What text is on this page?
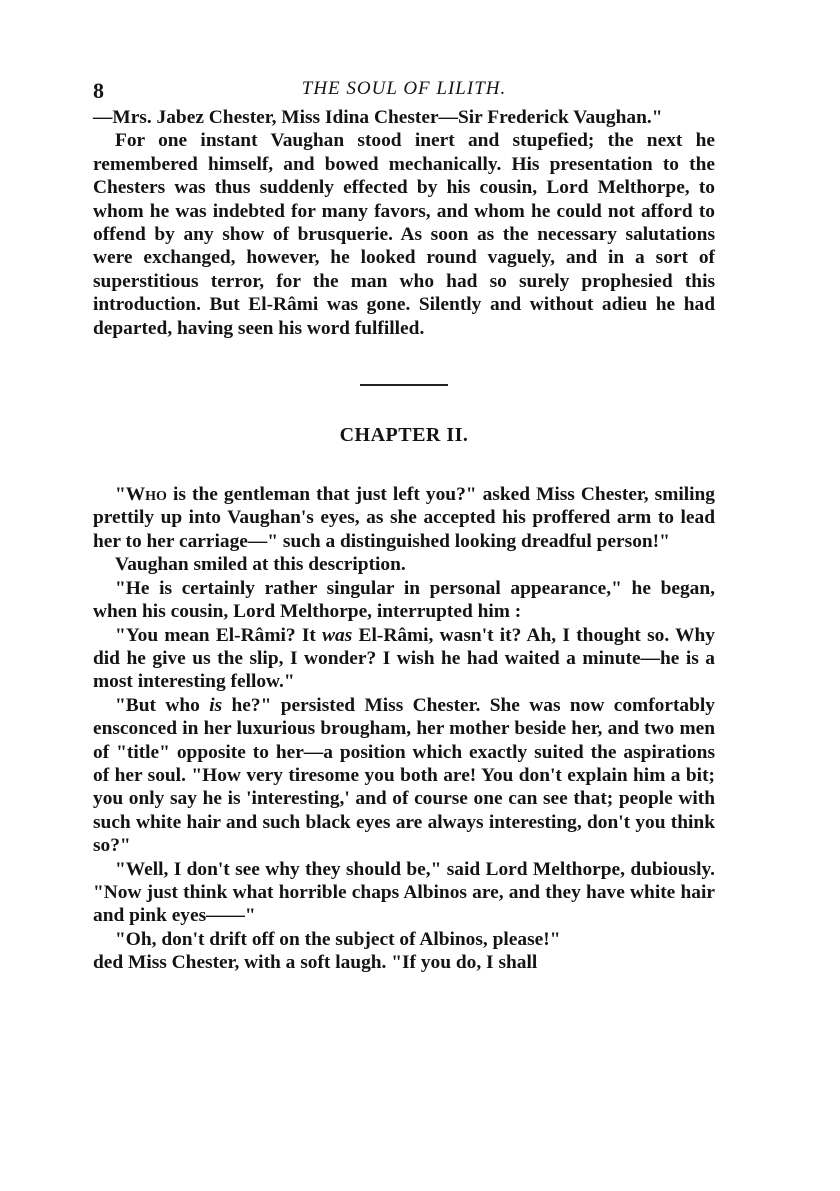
8	THE SOUL OF LILITH.

—Mrs. Jabez Chester, Miss Idina Chester—Sir Frederick Vaughan."

For one instant Vaughan stood inert and stupefied; the next he remembered himself, and bowed mechanically. His presentation to the Chesters was thus suddenly effected by his cousin, Lord Melthorpe, to whom he was indebted for many favors, and whom he could not afford to offend by any show of brusquerie. As soon as the necessary salutations were exchanged, however, he looked round vaguely, and in a sort of superstitious terror, for the man who had so surely prophesied this introduction. But El-Râmi was gone. Silently and without adieu he had departed, having seen his word fulfilled.

CHAPTER II.

"Who is the gentleman that just left you?" asked Miss Chester, smiling prettily up into Vaughan's eyes, as she accepted his proffered arm to lead her to her carriage—" such a distinguished looking dreadful person!"

Vaughan smiled at this description.

"He is certainly rather singular in personal appearance," he began, when his cousin, Lord Melthorpe, interrupted him :

"You mean El-Râmi? It was El-Râmi, wasn't it? Ah, I thought so. Why did he give us the slip, I wonder? I wish he had waited a minute—he is a most interesting fellow."

"But who is he?" persisted Miss Chester. She was now comfortably ensconced in her luxurious brougham, her mother beside her, and two men of "title" opposite to her—a position which exactly suited the aspirations of her soul. "How very tiresome you both are! You don't explain him a bit; you only say he is 'interesting,' and of course one can see that; people with such white hair and such black eyes are always interesting, don't you think so?"

"Well, I don't see why they should be," said Lord Melthorpe, dubiously. "Now just think what horrible chaps Albinos are, and they have white hair and pink eyes——"

"Oh, don't drift off on the subject of Albinos, please!"

ded Miss Chester, with a soft laugh. "If you do, I shall
